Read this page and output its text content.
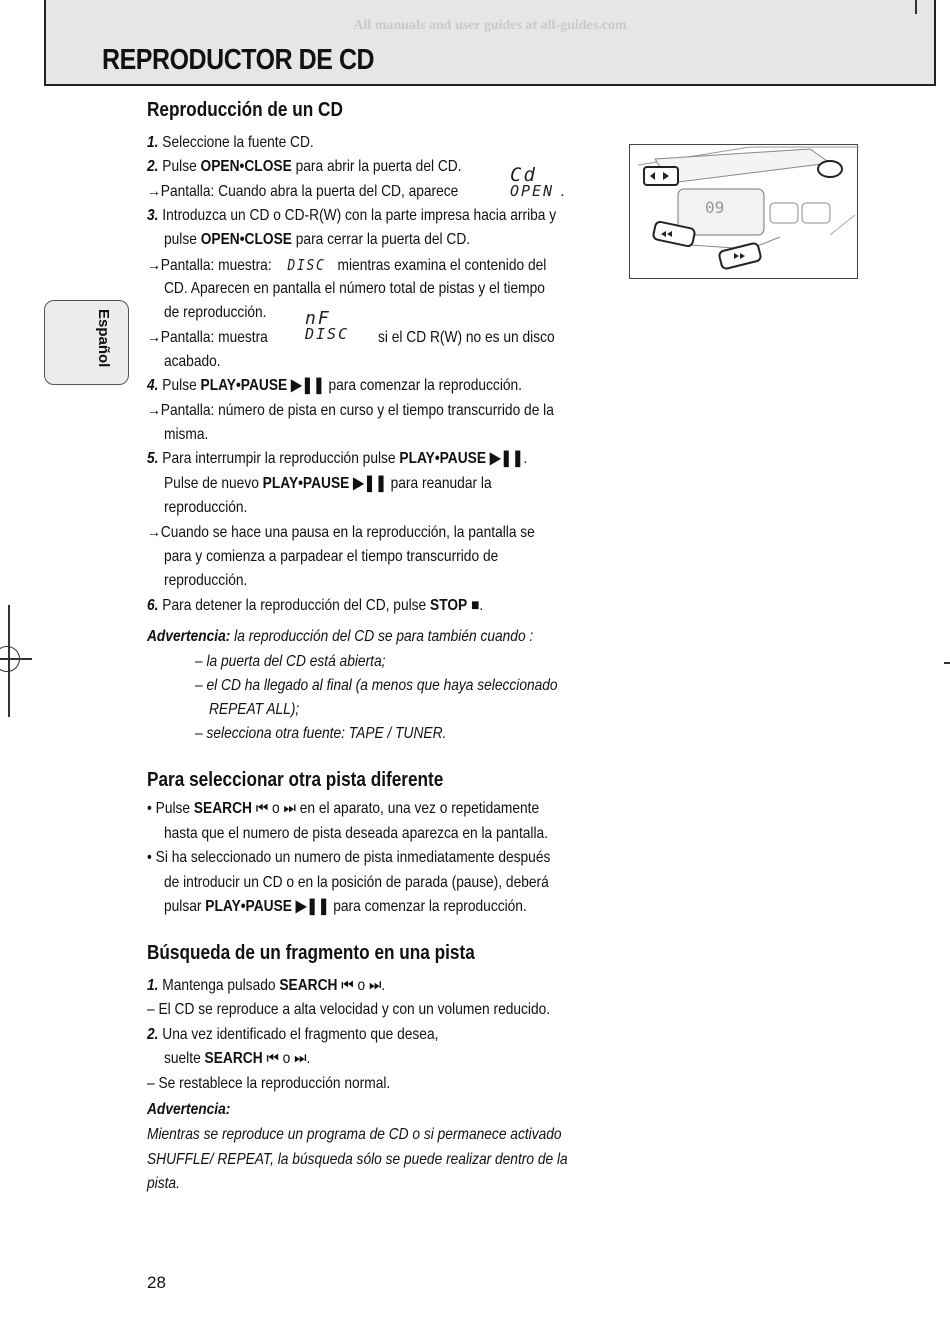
All manuals and user guides at all-guides.com
REPRODUCTOR DE CD
Español
09
Reproducción de un CD
1. Seleccione la fuente CD.
2. Pulse OPEN•CLOSE para abrir la puerta del CD.
→Pantalla: Cuando abra la puerta del CD, aparece
Cd
OPEN .
3. Introduzca un CD o CD-R(W) con la parte impresa hacia arriba y
pulse OPEN•CLOSE para cerrar la puerta del CD.
→Pantalla: muestra: DISC mientras examina el contenido del
CD. Aparecen en pantalla el número total de pistas y el tiempo
de reproducción.
→Pantalla: muestra
nF
DISC si el CD R(W) no es un disco
acabado.
4. Pulse PLAY•PAUSE ▶❚❚ para comenzar la reproducción.
→Pantalla: número de pista en curso y el tiempo transcurrido de la
misma.
5. Para interrumpir la reproducción pulse PLAY•PAUSE ▶❚❚.
Pulse de nuevo PLAY•PAUSE ▶❚❚ para reanudar la
reproducción.
→Cuando se hace una pausa en la reproducción, la pantalla se
para y comienza a parpadear el tiempo transcurrido de
reproducción.
6. Para detener la reproducción del CD, pulse STOP ■.
Advertencia: la reproducción del CD se para también cuando :
– la puerta del CD está abierta;
– el CD ha llegado al final (a menos que haya seleccionado
REPEAT ALL);
– selecciona otra fuente: TAPE / TUNER.
Para seleccionar otra pista diferente
• Pulse SEARCH ⏮ o ⏭ en el aparato, una vez o repetidamente
hasta que el numero de pista deseada aparezca en la pantalla.
• Si ha seleccionado un numero de pista inmediatamente después
de introducir un CD o en la posición de parada (pause), deberá
pulsar PLAY•PAUSE ▶❚❚ para comenzar la reproducción.
Búsqueda de un fragmento en una pista
1. Mantenga pulsado SEARCH ⏮ o ⏭.
– El CD se reproduce a alta velocidad y con un volumen reducido.
2. Una vez identificado el fragmento que desea,
suelte SEARCH ⏮ o ⏭.
– Se restablece la reproducción normal.
Advertencia:
Mientras se reproduce un programa de CD o si permanece activado
SHUFFLE/ REPEAT, la búsqueda sólo se puede realizar dentro de la
pista.
28
